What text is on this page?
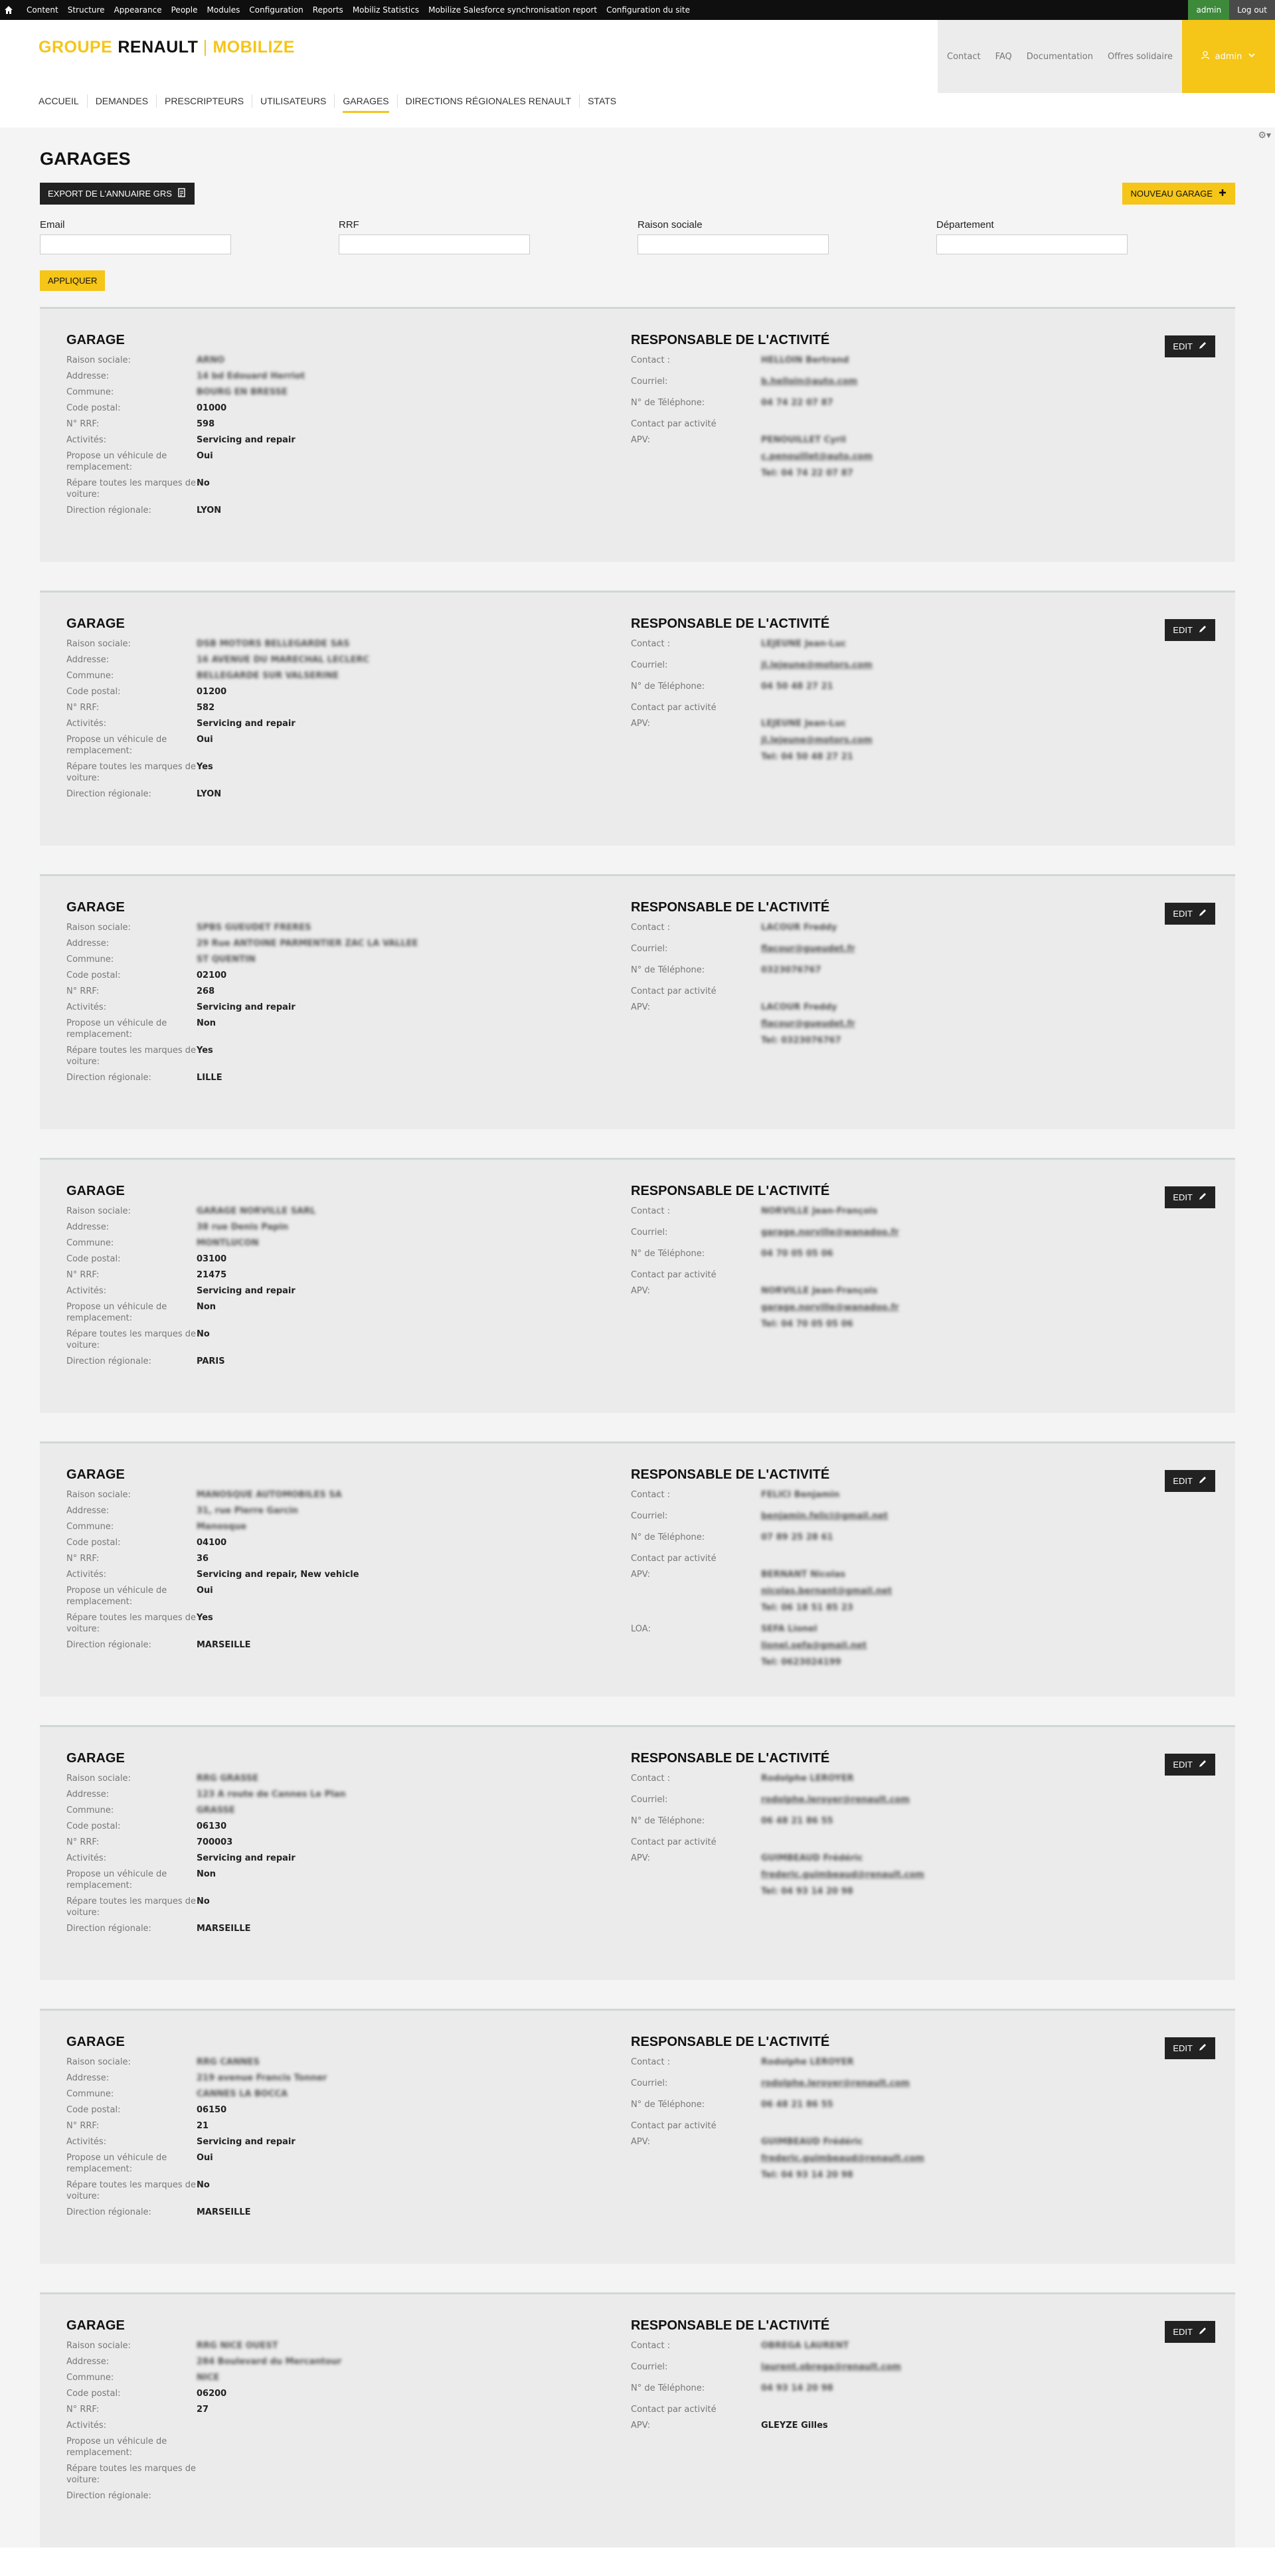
Content Structure Appearance People Modules Configuration Reports Mobiliz Statistics Mobilize Salesforce synchronisation report Configuration du site	admin	Log out
GROUPE RENAULT MOBILIZE	Contact FAQ Documentation Offres solidaire	admin
ACCUEIL	DEMANDES	PRESCRIPTEURS	UTILISATEURS	GARAGES	DIRECTIONS RÉGIONALES RENAULT	STATS
⚙▾
GARAGES
EXPORT DE L'ANNUAIRE GRS	NOUVEAU GARAGE
Email	RRF	Raison sociale	Département
APPLIQUER
GARAGE
Raison sociale:	ARNO
Addresse:	14 bd Edouard Herriot
Commune:	BOURG EN BRESSE
Code postal:	01000
N° RRF:	598
Activités:	Servicing and repair
Propose un véhicule de remplacement:
Oui
Répare toutes les marques de voiture:
No
Direction régionale:	LYON
RESPONSABLE DE L'ACTIVITÉ
Contact :	HELLOIN Bertrand
Courriel:	b.helloin@auto.com
N° de Téléphone:	04 74 22 07 87
Contact par activité
APV:	PENOUILLET Cyril
c.penouillet@auto.com
Tel: 04 74 22 07 87
EDIT
GARAGE
Raison sociale:	DSB MOTORS BELLEGARDE SAS
Addresse:	16 AVENUE DU MARECHAL LECLERC
Commune:	BELLEGARDE SUR VALSERINE
Code postal:	01200
N° RRF:	582
Activités:	Servicing and repair
Propose un véhicule de remplacement:
Oui
Répare toutes les marques de voiture:
Yes
Direction régionale:	LYON
RESPONSABLE DE L'ACTIVITÉ
Contact :	LEJEUNE Jean-Luc
Courriel:	jl.lejeune@motors.com
N° de Téléphone:	04 50 48 27 21
Contact par activité
APV:	LEJEUNE Jean-Luc
jl.lejeune@motors.com
Tel: 04 50 48 27 21
EDIT
GARAGE
Raison sociale:	SPBS GUEUDET FRERES
Addresse:	29 Rue ANTOINE PARMENTIER ZAC LA VALLEE
Commune:	ST QUENTIN
Code postal:	02100
N° RRF:	268
Activités:	Servicing and repair
Propose un véhicule de remplacement:
Non
Répare toutes les marques de voiture:
Yes
Direction régionale:	LILLE
RESPONSABLE DE L'ACTIVITÉ
Contact :	LACOUR Freddy
Courriel:	flacour@gueudet.fr
N° de Téléphone:	0323076767
Contact par activité
APV:	LACOUR Freddy
flacour@gueudet.fr
Tel: 0323076767
EDIT
GARAGE
Raison sociale:	GARAGE NORVILLE SARL
Addresse:	38 rue Denis Papin
Commune:	MONTLUCON
Code postal:	03100
N° RRF:	21475
Activités:	Servicing and repair
Propose un véhicule de remplacement:
Non
Répare toutes les marques de voiture:
No
Direction régionale:	PARIS
RESPONSABLE DE L'ACTIVITÉ
Contact :	NORVILLE Jean-François
Courriel:	garage.norville@wanadoo.fr
N° de Téléphone:	04 70 05 05 06
Contact par activité
APV:	NORVILLE Jean-François
garage.norville@wanadoo.fr
Tel: 04 70 05 05 06
EDIT
GARAGE
Raison sociale:	MANOSQUE AUTOMOBILES SA
Addresse:	31, rue Pierre Garcin
Commune:	Manosque
Code postal:	04100
N° RRF:	36
Activités:	Servicing and repair, New vehicle
Propose un véhicule de remplacement:
Oui
Répare toutes les marques de voiture:
Yes
Direction régionale:	MARSEILLE
RESPONSABLE DE L'ACTIVITÉ
Contact :	FELICI Benjamin
Courriel:	benjamin.felici@gmail.net
N° de Téléphone:	07 89 25 28 61
Contact par activité
APV:	BERNANT Nicolas
nicolas.bernant@gmail.net
Tel: 06 18 51 85 23
LOA:	SEFA Lionel
lionel.sefa@gmail.net
Tel: 0623024199
EDIT
GARAGE
Raison sociale:	RRG GRASSE
Addresse:	123 A route de Cannes Le Plan
Commune:	GRASSE
Code postal:	06130
N° RRF:	700003
Activités:	Servicing and repair
Propose un véhicule de remplacement:
Non
Répare toutes les marques de voiture:
No
Direction régionale:	MARSEILLE
RESPONSABLE DE L'ACTIVITÉ
Contact :	Rodolphe LEROYER
Courriel:	rodolphe.leroyer@renault.com
N° de Téléphone:	06 48 21 86 55
Contact par activité
APV:	GUIMBEAUD Frédéric
frederic.guimbeaud@renault.com
Tel: 04 93 14 20 98
EDIT
GARAGE
Raison sociale:	RRG CANNES
Addresse:	219 avenue Francis Tonner
Commune:	CANNES LA BOCCA
Code postal:	06150
N° RRF:	21
Activités:	Servicing and repair
Propose un véhicule de remplacement:
Oui
Répare toutes les marques de voiture:
No
Direction régionale:	MARSEILLE
RESPONSABLE DE L'ACTIVITÉ
Contact :	Rodolphe LEROYER
Courriel:	rodolphe.leroyer@renault.com
N° de Téléphone:	06 48 21 86 55
Contact par activité
APV:	GUIMBEAUD Frédéric
frederic.guimbeaud@renault.com
Tel: 04 93 14 20 98
EDIT
GARAGE
Raison sociale:	RRG NICE OUEST
Addresse:	284 Boulevard du Mercantour
Commune:	NICE
Code postal:	06200
N° RRF:	27
Activités:
Propose un véhicule de remplacement:
Répare toutes les marques de voiture:
Direction régionale:
RESPONSABLE DE L'ACTIVITÉ
Contact :	OBREGA LAURENT
Courriel:	laurent.obrega@renault.com
N° de Téléphone:	04 93 14 20 98
Contact par activité
APV:	GLEYZE Gilles
EDIT
